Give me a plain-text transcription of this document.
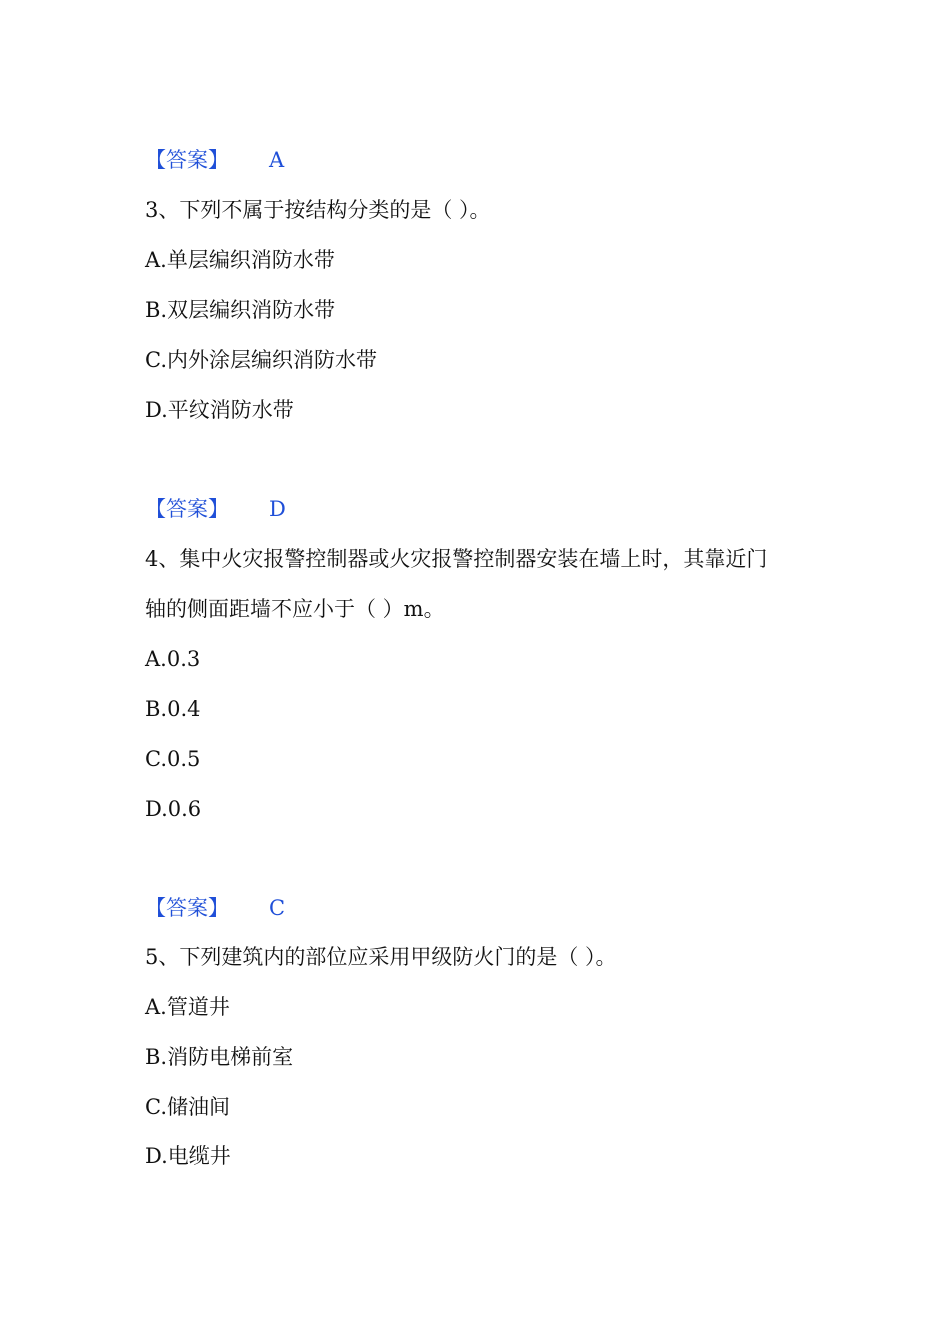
【答案】 A
3、下列不属于按结构分类的是（ ）。
A.单层编织消防水带
B.双层编织消防水带
C.内外涂层编织消防水带
D.平纹消防水带
【答案】 D
4、集中火灾报警控制器或火灾报警控制器安装在墙上时，其靠近门
轴的侧面距墙不应小于（ ）m。
A.0.3
B.0.4
C.0.5
D.0.6
【答案】 C
5、下列建筑内的部位应采用甲级防火门的是（ ）。
A.管道井
B.消防电梯前室
C.储油间
D.电缆井
